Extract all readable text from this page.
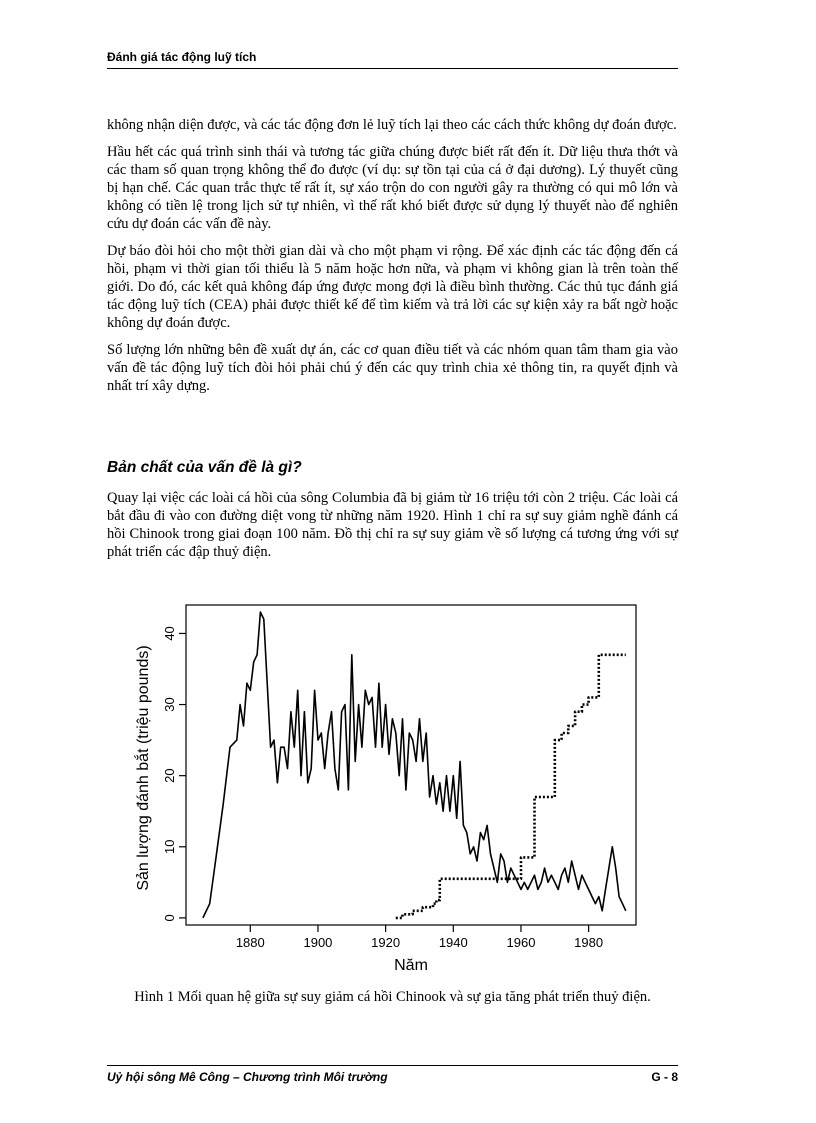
Đánh giá tác động luỹ tích

không nhận diện được, và các tác động đơn lẻ luỹ tích lại theo các cách thức không dự đoán được.

Hầu hết các quá trình sinh thái và tương tác giữa chúng được biết rất đến ít. Dữ liệu thưa thớt và các tham số quan trọng không thể đo được (ví dụ: sự tồn tại của cá ở đại dương). Lý thuyết cũng bị hạn chế. Các quan trắc thực tế rất ít, sự xáo trộn do con người gây ra thường có qui mô lớn và không có tiền lệ trong lịch sử tự nhiên, vì thế rất khó biết được sử dụng lý thuyết nào để nghiên cứu dự đoán các vấn đề này.

Dự báo đòi hỏi cho một thời gian dài và cho một phạm vi rộng. Để xác định các tác động đến cá hồi, phạm vi thời gian tối thiểu là 5 năm hoặc hơn nữa, và phạm vi không gian là trên toàn thế giới. Do đó, các kết quả không đáp ứng được mong đợi là điều bình thường. Các thủ tục đánh giá tác động luỹ tích (CEA) phải được thiết kế để tìm kiếm và trả lời các sự kiện xảy ra bất ngờ hoặc không dự đoán được.

Số lượng lớn những bên đề xuất dự án, các cơ quan điều tiết và các nhóm quan tâm tham gia vào vấn đề tác động luỹ tích đòi hỏi phải chú ý đến các quy trình chia xẻ thông tin, ra quyết định và nhất trí xây dựng.

Bản chất của vấn đề là gì?

Quay lại việc các loài cá hồi của sông Columbia đã bị giảm từ 16 triệu tới còn 2 triệu. Các loài cá bắt đầu đi vào con đường diệt vong từ những năm 1920. Hình 1 chỉ ra sự suy giảm nghề đánh cá hồi Chinook trong giai đoạn 100 năm. Đồ thị chỉ ra sự suy giảm về số lượng cá tương ứng với sự phát triển các đập thuỷ điện.

1880	1900	1920	1940	1960	1980
0
10
20
30
40
Năm
Sản lượng đánh bắt (triệu pounds)
Hình 1 Mối quan hệ giữa sự suy giảm cá hồi Chinook và sự gia tăng phát triển thuỷ điện.
Uỷ hội sông Mê Công – Chương trình Môi trường	G - 8
